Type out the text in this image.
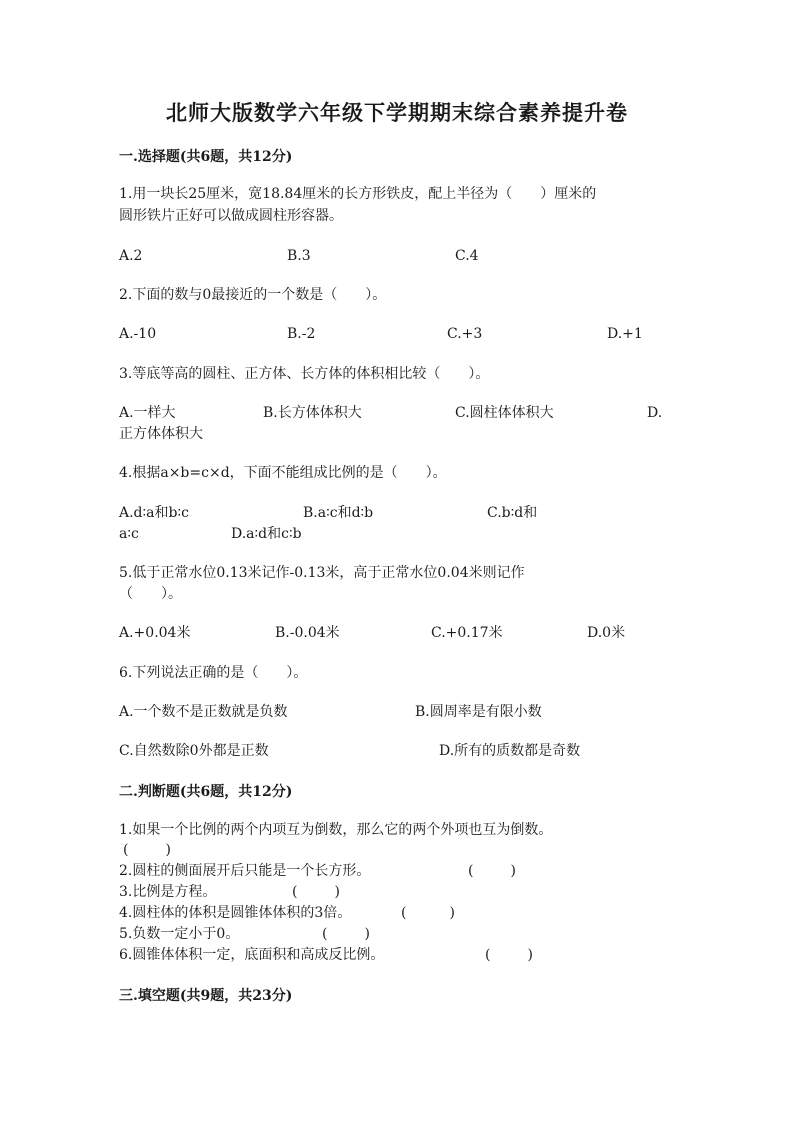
北师大版数学六年级下学期期末综合素养提升卷
一.选择题(共6题，共12分)
1.用一块长25厘米，宽18.84厘米的长方形铁皮，配上半径为（　　）厘米的
圆形铁片正好可以做成圆柱形容器。
A.2	B.3	C.4
2.下面的数与0最接近的一个数是（　　）。
A.-10	B.-2	C.+3	D.+1
3.等底等高的圆柱、正方体、长方体的体积相比较（　　）。
A.一样大	B.长方体体积大	C.圆柱体体积大	D.
正方体体积大
4.根据a×b=c×d，下面不能组成比例的是（　　）。
A.d∶a和b∶c	B.a∶c和d∶b	C.b∶d和
a∶c	D.a∶d和c∶b
5.低于正常水位0.13米记作-0.13米，高于正常水位0.04米则记作
（　　）。
A.+0.04米	B.-0.04米	C.+0.17米	D.0米
6.下列说法正确的是（　　）。
A.一个数不是正数就是负数	B.圆周率是有限小数
C.自然数除0外都是正数	D.所有的质数都是奇数
二.判断题(共6题，共12分)
1.如果一个比例的两个内项互为倒数，那么它的两个外项也互为倒数。
( )
2.圆柱的侧面展开后只能是一个长方形。
( )
3.比例是方程。
( )
4.圆柱体的体积是圆锥体体积的3倍。
( )
5.负数一定小于0。
( )
6.圆锥体体积一定，底面积和高成反比例。
( )
三.填空题(共9题，共23分)
